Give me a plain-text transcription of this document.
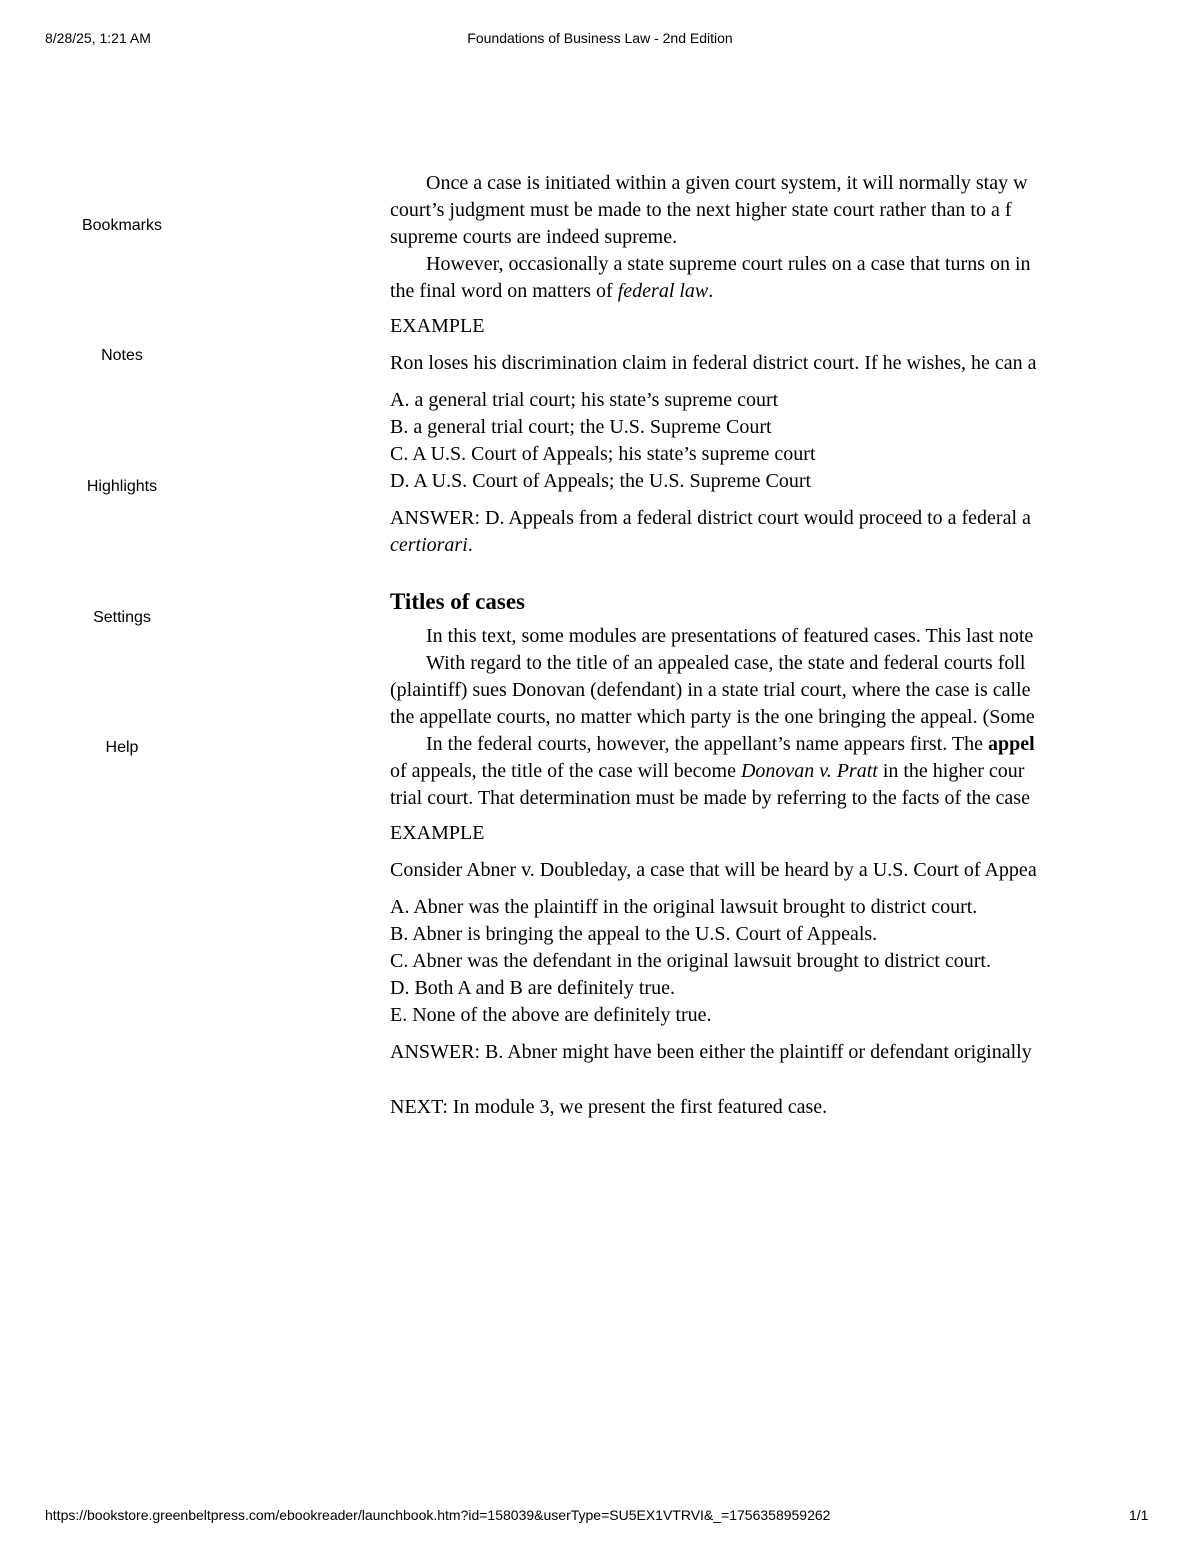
8/28/25, 1:21 AM	Foundations of Business Law - 2nd Edition
Bookmarks
Notes
Highlights
Settings
Help
Once a case is initiated within a given court system, it will normally stay w
court’s judgment must be made to the next higher state court rather than to a f
supreme courts are indeed supreme.
However, occasionally a state supreme court rules on a case that turns on in
the final word on matters of federal law.
EXAMPLE
Ron loses his discrimination claim in federal district court. If he wishes, he can a
A. a general trial court; his state’s supreme court
B. a general trial court; the U.S. Supreme Court
C. A U.S. Court of Appeals; his state’s supreme court
D. A U.S. Court of Appeals; the U.S. Supreme Court
ANSWER: D. Appeals from a federal district court would proceed to a federal a
certiorari.
Titles of cases
In this text, some modules are presentations of featured cases. This last note
With regard to the title of an appealed case, the state and federal courts foll
(plaintiff) sues Donovan (defendant) in a state trial court, where the case is calle
the appellate courts, no matter which party is the one bringing the appeal. (Some
In the federal courts, however, the appellant’s name appears first. The appel
of appeals, the title of the case will become Donovan v. Pratt in the higher cour
trial court. That determination must be made by referring to the facts of the case
EXAMPLE
Consider Abner v. Doubleday, a case that will be heard by a U.S. Court of Appea
A. Abner was the plaintiff in the original lawsuit brought to district court.
B. Abner is bringing the appeal to the U.S. Court of Appeals.
C. Abner was the defendant in the original lawsuit brought to district court.
D. Both A and B are definitely true.
E. None of the above are definitely true.
ANSWER: B. Abner might have been either the plaintiff or defendant originally
NEXT: In module 3, we present the first featured case.
https://bookstore.greenbeltpress.com/ebookreader/launchbook.htm?id=158039&userType=SU5EX1VTRVI&_=1756358959262	1/1
